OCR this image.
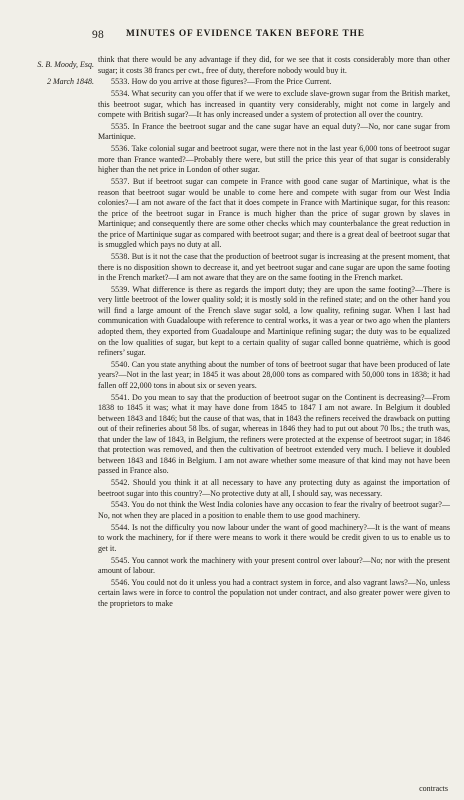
98 MINUTES OF EVIDENCE TAKEN BEFORE THE
S. B. Moody, Esq.
2 March 1848.

think that there would be any advantage if they did, for we see that it costs considerably more than other sugar; it costs 38 francs per cwt., free of duty, therefore nobody would buy it.

5533. How do you arrive at those figures?—From the Price Current.

5534. What security can you offer that if we were to exclude slave-grown sugar from the British market, this beetroot sugar, which has increased in quantity very considerably, might not come in largely and compete with British sugar?—It has only increased under a system of protection all over the country.

5535. In France the beetroot sugar and the cane sugar have an equal duty?—No, nor cane sugar from Martinique.

5536. Take colonial sugar and beetroot sugar, were there not in the last year 6,000 tons of beetroot sugar more than France wanted?—Probably there were, but still the price this year of that sugar is considerably higher than the net price in London of other sugar.

5537. But if beetroot sugar can compete in France with good cane sugar of Martinique, what is the reason that beetroot sugar would be unable to come here and compete with sugar from our West India colonies?—I am not aware of the fact that it does compete in France with Martinique sugar, for this reason: the price of the beetroot sugar in France is much higher than the price of sugar grown by slaves in Martinique; and consequently there are some other checks which may counterbalance the great reduction in the price of Martinique sugar as compared with beetroot sugar; and there is a great deal of beetroot sugar that is smuggled which pays no duty at all.

5538. But is it not the case that the production of beetroot sugar is increasing at the present moment, that there is no disposition shown to decrease it, and yet beetroot sugar and cane sugar are upon the same footing in the French market?—I am not aware that they are on the same footing in the French market.

5539. What difference is there as regards the import duty; they are upon the same footing?—There is very little beetroot of the lower quality sold; it is mostly sold in the refined state; and on the other hand you will find a large amount of the French slave sugar sold, a low quality, refining sugar. When I last had communication with Guadaloupe with reference to central works, it was a year or two ago when the planters adopted them, they exported from Guadaloupe and Martinique refining sugar; the duty was to be equalized on the low qualities of sugar, but kept to a certain quality of sugar called bonne quatrième, which is good refiners’ sugar.

5540. Can you state anything about the number of tons of beetroot sugar that have been produced of late years?—Not in the last year; in 1845 it was about 28,000 tons as compared with 50,000 tons in 1838; it had fallen off 22,000 tons in about six or seven years.

5541. Do you mean to say that the production of beetroot sugar on the Continent is decreasing?—From 1838 to 1845 it was; what it may have done from 1845 to 1847 I am not aware. In Belgium it doubled between 1843 and 1846; but the cause of that was, that in 1843 the refiners received the drawback on putting out of their refineries about 58 lbs. of sugar, whereas in 1846 they had to put out about 70 lbs.; the truth was, that under the law of 1843, in Belgium, the refiners were protected at the expense of beetroot sugar; in 1846 that protection was removed, and then the cultivation of beetroot extended very much. I believe it doubled between 1843 and 1846 in Belgium. I am not aware whether some measure of that kind may not have been passed in France also.

5542. Should you think it at all necessary to have any protecting duty as against the importation of beetroot sugar into this country?—No protective duty at all, I should say, was necessary.

5543. You do not think the West India colonies have any occasion to fear the rivalry of beetroot sugar?—No, not when they are placed in a position to enable them to use good machinery.

5544. Is not the difficulty you now labour under the want of good machinery?—It is the want of means to work the machinery, for if there were means to work it there would be credit given to us to enable us to get it.

5545. You cannot work the machinery with your present control over labour?—No; nor with the present amount of labour.

5546. You could not do it unless you had a contract system in force, and also vagrant laws?—No, unless certain laws were in force to control the population not under contract, and also greater power were given to the proprietors to make

contracts
